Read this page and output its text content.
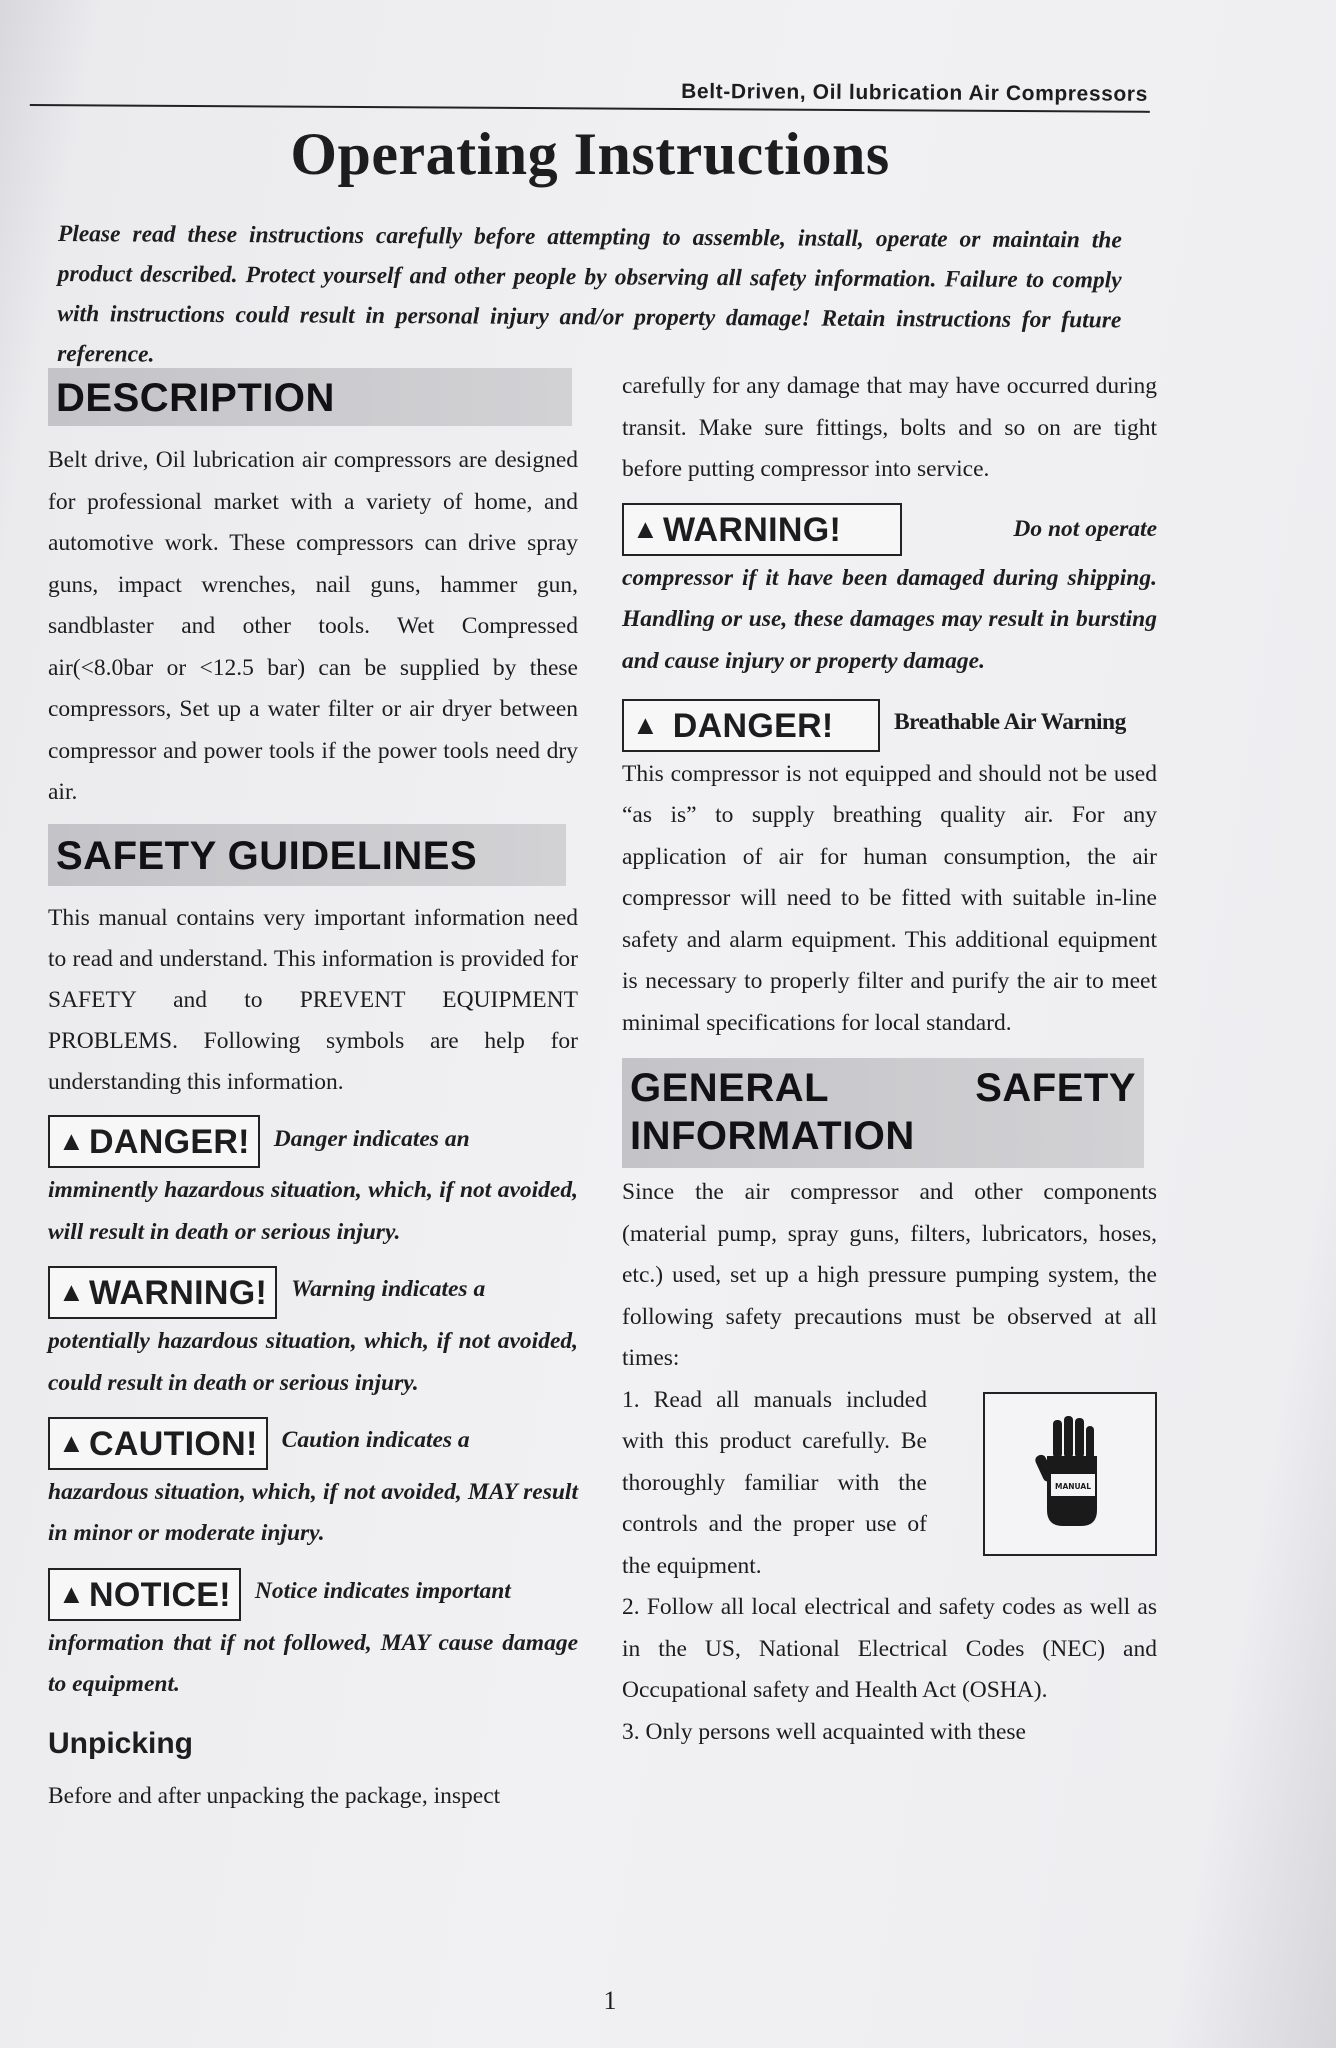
Belt-Driven, Oil lubrication Air Compressors
Operating Instructions

Please read these instructions carefully before attempting to assemble, install, operate or maintain the product described. Protect yourself and other people by observing all safety information. Failure to comply with instructions could result in personal injury and/or property damage! Retain instructions for future reference.

DESCRIPTION

Belt drive, Oil lubrication air compressors are designed for professional market with a variety of home, and automotive work. These compressors can drive spray guns, impact wrenches, nail guns, hammer gun, sandblaster and other tools. Wet Compressed air(<8.0bar or <12.5 bar) can be supplied by these compressors, Set up a water filter or air dryer between compressor and power tools if the power tools need dry air.

SAFETY GUIDELINES

This manual contains very important information need to read and understand. This information is provided for SAFETY and to PREVENT EQUIPMENT PROBLEMS. Following symbols are help for understanding this information.

▲ DANGER! Danger indicates an

imminently hazardous situation, which, if not avoided, will result in death or serious injury.

▲ WARNING! Warning indicates a

potentially hazardous situation, which, if not avoided, could result in death or serious injury.

▲ CAUTION! Caution indicates a

hazardous situation, which, if not avoided, MAY result in minor or moderate injury.

▲ NOTICE! Notice indicates important

information that if not followed, MAY cause damage to equipment.

Unpicking

Before and after unpacking the package, inspect

carefully for any damage that may have occurred during transit. Make sure fittings, bolts and so on are tight before putting compressor into service.

▲ WARNING!	Do not operate

compressor if it have been damaged during shipping. Handling or use, these damages may result in bursting and cause injury or property damage.

▲ DANGER!	Breathable Air Warning

This compressor is not equipped and should not be used “as is” to supply breathing quality air. For any application of air for human consumption, the air compressor will need to be fitted with suitable in-line safety and alarm equipment. This additional equipment is necessary to properly filter and purify the air to meet minimal specifications for local standard.

GENERAL	SAFETY
INFORMATION

Since the air compressor and other components (material pump, spray guns, filters, lubricators, hoses, etc.) used, set up a high pressure pumping system, the following safety precautions must be observed at all times:

1. Read all manuals included with this product carefully. Be thoroughly familiar with the controls and the proper use of the equipment.
MANUAL
2. Follow all local electrical and safety codes as well as in the US, National Electrical Codes (NEC) and Occupational safety and Health Act (OSHA).
3. Only persons well acquainted with these
1
